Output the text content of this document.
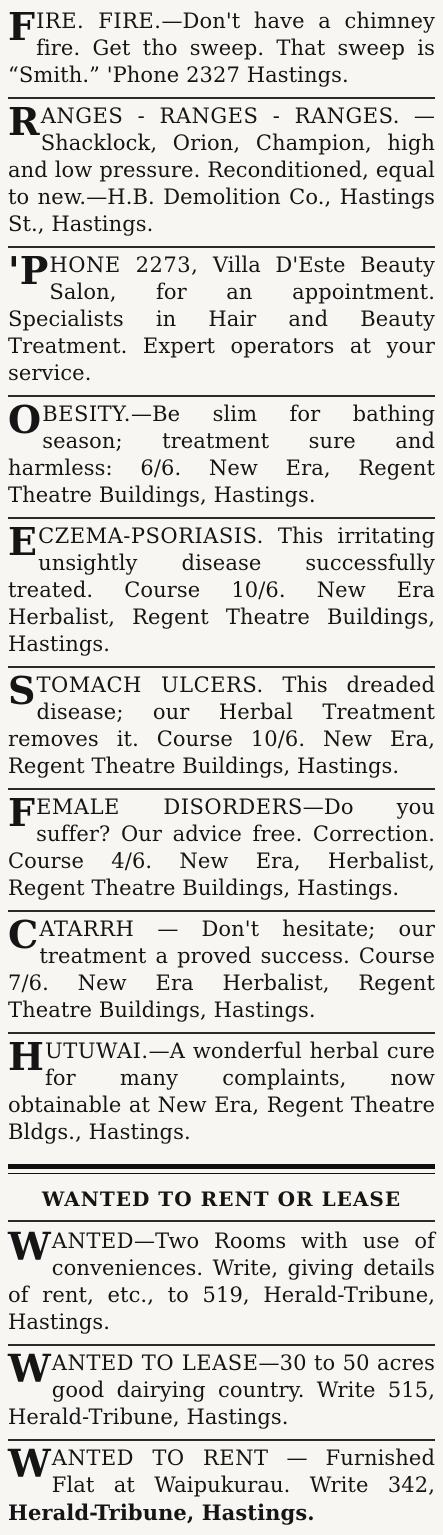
F IRE. FIRE.—Don't have a chimney fire. Get tho sweep. That sweep is “Smith.” 'Phone 2327 Hastings.
R ANGES - RANGES - RANGES. — Shacklock, Orion, Champion, high and low pressure. Reconditioned, equal to new.—H.B. Demolition Co., Hastings St., Hastings.
'P HONE 2273, Villa D'Este Beauty Salon, for an appointment. Specialists in Hair and Beauty Treatment. Expert operators at your service.
O BESITY.—Be slim for bathing season; treatment sure and harmless: 6/6. New Era, Regent Theatre Buildings, Hastings.
E CZEMA-PSORIASIS. This irritating unsightly disease successfully treated. Course 10/6. New Era Herbalist, Regent Theatre Buildings, Hastings.
S TOMACH ULCERS. This dreaded disease; our Herbal Treatment removes it. Course 10/6. New Era, Regent Theatre Buildings, Hastings.
F EMALE DISORDERS—Do you suffer? Our advice free. Correction. Course 4/6. New Era, Herbalist, Regent Theatre Buildings, Hastings.
C ATARRH — Don't hesitate; our treatment a proved success. Course 7/6. New Era Herbalist, Regent Theatre Buildings, Hastings.
H UTUWAI.—A wonderful herbal cure for many complaints, now obtainable at New Era, Regent Theatre Bldgs., Hastings.
WANTED TO RENT OR LEASE
W ANTED—Two Rooms with use of conveniences. Write, giving details of rent, etc., to 519, Herald-Tribune, Hastings.
W ANTED TO LEASE—30 to 50 acres good dairying country. Write 515, Herald-Tribune, Hastings.
W ANTED TO RENT — Furnished Flat at Waipukurau. Write 342, Herald-Tribune, Hastings.
